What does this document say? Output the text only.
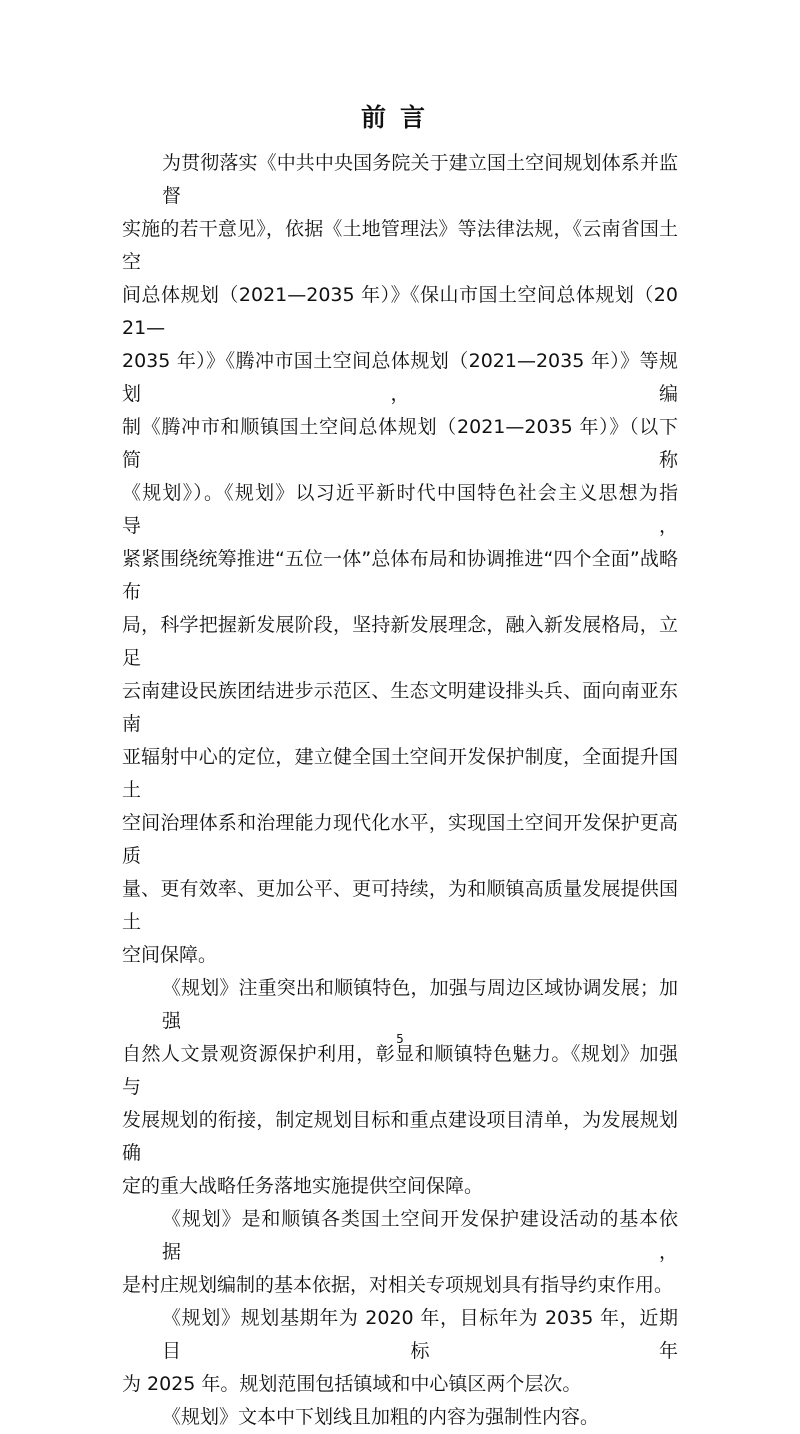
前言
为贯彻落实《中共中央国务院关于建立国土空间规划体系并监督
实施的若干意见》，依据《土地管理法》等法律法规，《云南省国土空
间总体规划（2021—2035 年）》《保山市国土空间总体规划（2021—
2035 年）》《腾冲市国土空间总体规划（2021—2035 年）》等规划，编
制《腾冲市和顺镇国土空间总体规划（2021—2035 年）》（以下简称
《规划》）。《规划》以习近平新时代中国特色社会主义思想为指导，
紧紧围绕统筹推进“五位一体”总体布局和协调推进“四个全面”战略布
局，科学把握新发展阶段，坚持新发展理念，融入新发展格局，立足
云南建设民族团结进步示范区、生态文明建设排头兵、面向南亚东南
亚辐射中心的定位，建立健全国土空间开发保护制度，全面提升国土
空间治理体系和治理能力现代化水平，实现国土空间开发保护更高质
量、更有效率、更加公平、更可持续，为和顺镇高质量发展提供国土
空间保障。
《规划》注重突出和顺镇特色，加强与周边区域协调发展；加强
自然人文景观资源保护利用，彰显和顺镇特色魅力。《规划》加强与
发展规划的衔接，制定规划目标和重点建设项目清单，为发展规划确
定的重大战略任务落地实施提供空间保障。
《规划》是和顺镇各类国土空间开发保护建设活动的基本依据，
是村庄规划编制的基本依据，对相关专项规划具有指导约束作用。
《规划》规划基期年为 2020 年，目标年为 2035 年，近期目标年
为 2025 年。规划范围包括镇域和中心镇区两个层次。
《规划》文本中下划线且加粗的内容为强制性内容。
5
